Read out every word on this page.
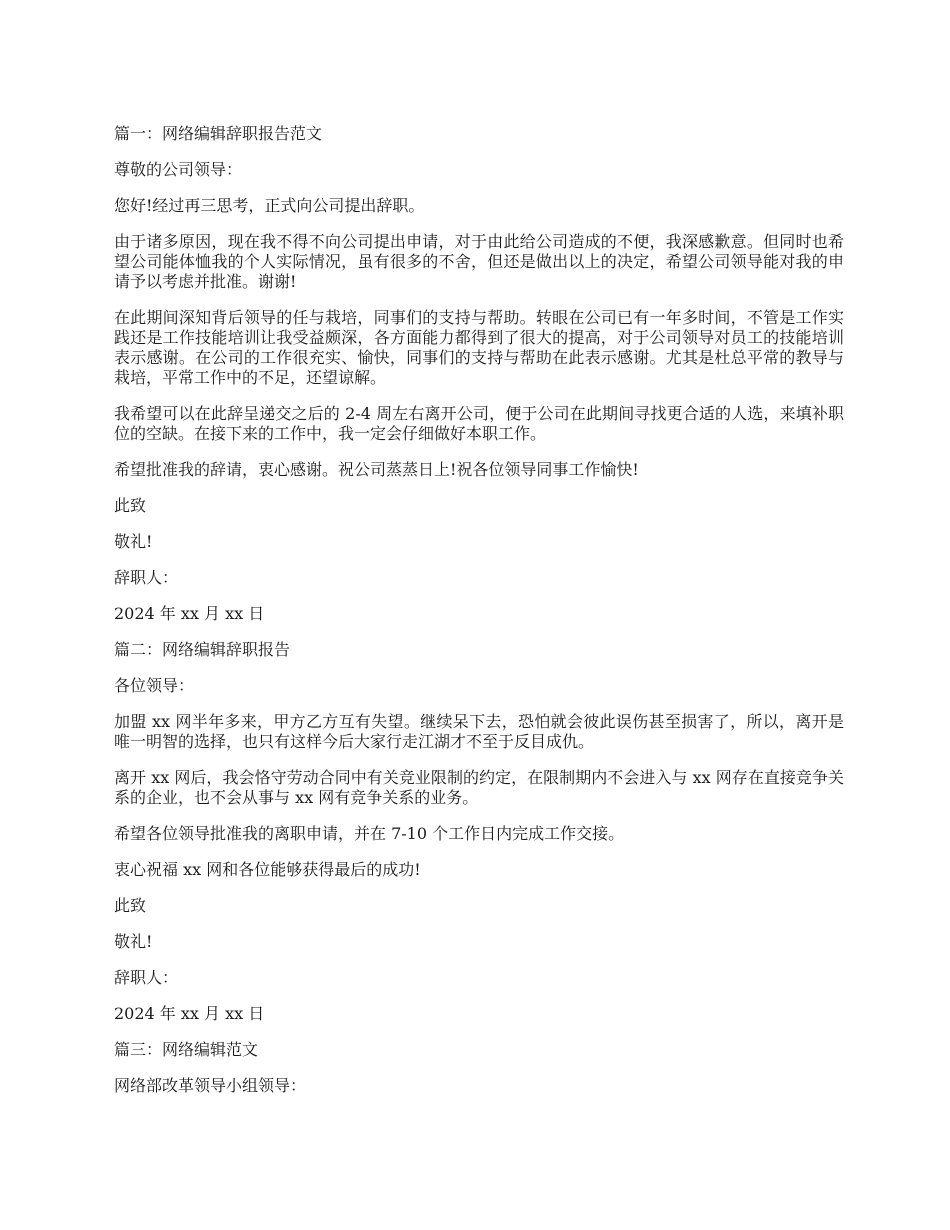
篇一：网络编辑辞职报告范文

尊敬的公司领导：

您好!经过再三思考，正式向公司提出辞职。

由于诸多原因，现在我不得不向公司提出申请，对于由此给公司造成的不便，我深感歉意。但同时也希望公司能体恤我的个人实际情况，虽有很多的不舍，但还是做出以上的决定，希望公司领导能对我的申请予以考虑并批准。谢谢!

在此期间深知背后领导的任与栽培，同事们的支持与帮助。转眼在公司已有一年多时间，不管是工作实践还是工作技能培训让我受益颇深，各方面能力都得到了很大的提高，对于公司领导对员工的技能培训表示感谢。在公司的工作很充实、愉快，同事们的支持与帮助在此表示感谢。尤其是杜总平常的教导与栽培，平常工作中的不足，还望谅解。

我希望可以在此辞呈递交之后的 2-4 周左右离开公司，便于公司在此期间寻找更合适的人选，来填补职位的空缺。在接下来的工作中，我一定会仔细做好本职工作。

希望批准我的辞请，衷心感谢。祝公司蒸蒸日上!祝各位领导同事工作愉快!

此致

敬礼!

辞职人：

2024 年 xx 月 xx 日

篇二：网络编辑辞职报告

各位领导：

加盟 xx 网半年多来，甲方乙方互有失望。继续呆下去，恐怕就会彼此误伤甚至损害了，所以，离开是唯一明智的选择，也只有这样今后大家行走江湖才不至于反目成仇。

离开 xx 网后，我会恪守劳动合同中有关竞业限制的约定，在限制期内不会进入与 xx 网存在直接竞争关系的企业，也不会从事与 xx 网有竞争关系的业务。

希望各位领导批准我的离职申请，并在 7-10 个工作日内完成工作交接。

衷心祝福 xx 网和各位能够获得最后的成功!

此致

敬礼!

辞职人：

2024 年 xx 月 xx 日

篇三：网络编辑范文

网络部改革领导小组领导：
